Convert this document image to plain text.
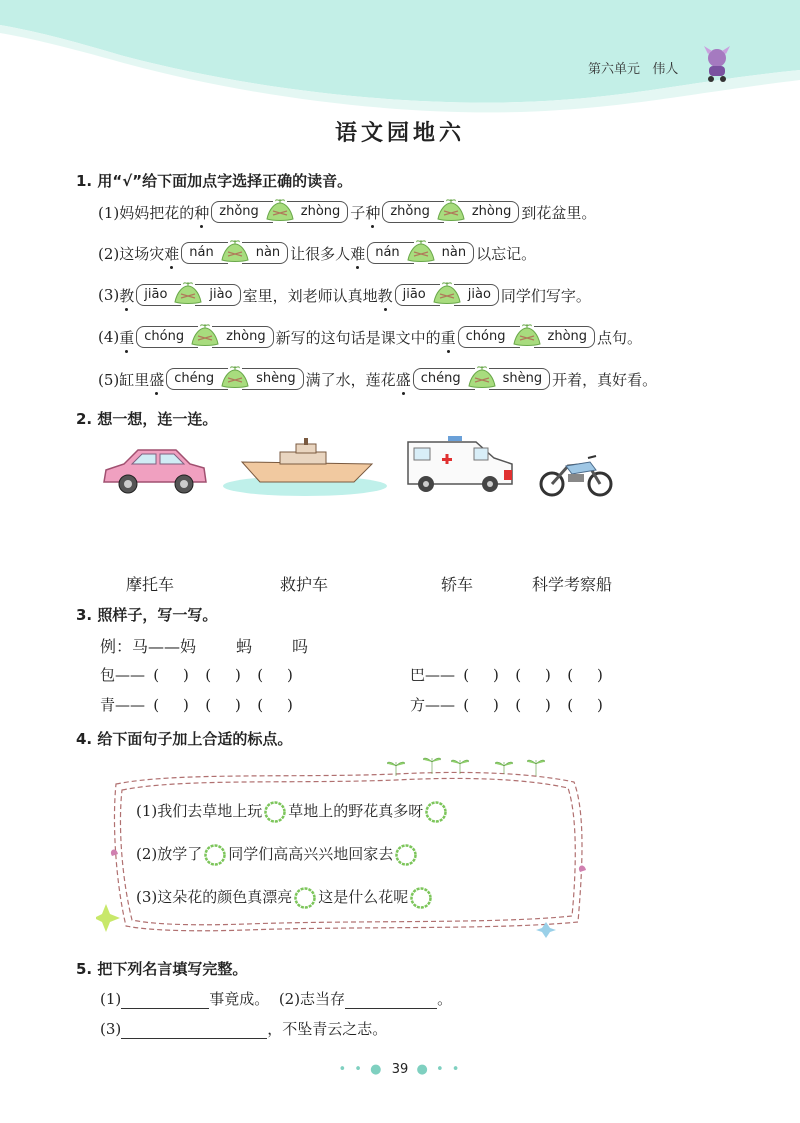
第六单元 伟人
语文园地六
1. 用“√”给下面加点字选择正确的读音。
(1)妈妈把花的 种 zhǒng	zhòng 子 种 zhǒng	zhòng 到花盆里。
(2)这场灾 难 nán	nàn 让很多人 难 nán	nàn 以忘记。
(3) 教 jiāo	jiào 室里，刘老师认真地 教 jiāo	jiào 同学们写字。
(4) 重 chóng	zhòng 新写的这句话是课文中的 重 chóng	zhòng 点句。
(5)缸里 盛 chéng	shèng 满了水，莲花 盛 chéng	shèng 开着，真好看。
2. 想一想，连一连。
摩托车	救护车	轿车	科学考察船
3. 照样子，写一写。
例：马——妈	蚂	吗
包—— ( ) ( ) ( )	巴—— ( ) ( ) ( )
青—— ( ) ( ) ( )	方—— ( ) ( ) ( )
4. 给下面句子加上合适的标点。
(1)我们去草地上玩 草地上的野花真多呀
(2)放学了 同学们高高兴兴地回家去
(3)这朵花的颜色真漂亮 这是什么花呢
5. 把下列名言填写完整。
(1)	事竟成。 (2)志当存	。
(3)	，不坠青云之志。
• • ● 39 ● • •
